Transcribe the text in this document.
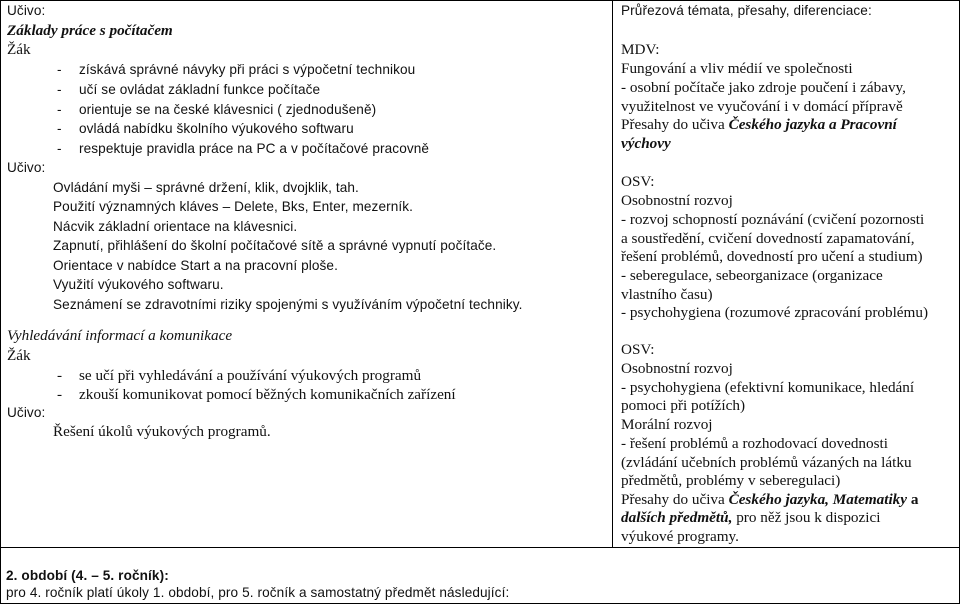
Učivo:
Základy práce s počítačem
Žák
- získává správné návyky při práci s výpočetní technikou
- učí se ovládat základní funkce počítače
- orientuje se na české klávesnici ( zjednodušeně)
- ovládá nabídku školního výukového softwaru
- respektuje pravidla práce na PC a v počítačové pracovně
Učivo:
Ovládání myši – správné držení, klik, dvojklik, tah.
Použití významných kláves – Delete, Bks, Enter, mezerník.
Nácvik základní orientace na klávesnici.
Zapnutí, přihlášení do školní počítačové sítě a správné vypnutí počítače.
Orientace v nabídce Start a na pracovní ploše.
Využití výukového softwaru.
Seznámení se zdravotními riziky spojenými s využíváním výpočetní techniky.
Vyhledávání informací a komunikace
Žák
- se učí při vyhledávání a používání výukových programů
- zkouší komunikovat pomocí běžných komunikačních zařízení
Učivo:
Řešení úkolů výukových programů.
Průřezová témata, přesahy, diferenciace:
MDV:
Fungování a vliv médií ve společnosti
- osobní počítače jako zdroje poučení i zábavy,
využitelnost ve vyučování i v domácí přípravě
Přesahy do učiva Českého jazyka a Pracovní
výchovy
OSV:
Osobnostní rozvoj
- rozvoj schopností poznávání (cvičení pozornosti
a soustředění, cvičení dovedností zapamatování,
řešení problémů, dovedností pro učení a studium)
- seberegulace, sebeorganizace (organizace
vlastního času)
- psychohygiena (rozumové zpracování problému)
OSV:
Osobnostní rozvoj
- psychohygiena (efektivní komunikace, hledání
pomoci při potížích)
Morální rozvoj
- řešení problémů a rozhodovací dovednosti
(zvládání učebních problémů vázaných na látku
předmětů, problémy v seberegulaci)
Přesahy do učiva Českého jazyka, Matematiky a
dalších předmětů, pro něž jsou k dispozici
výukové programy.
2. období (4. – 5. ročník):
pro 4. ročník platí úkoly 1. období, pro 5. ročník a samostatný předmět následující:
